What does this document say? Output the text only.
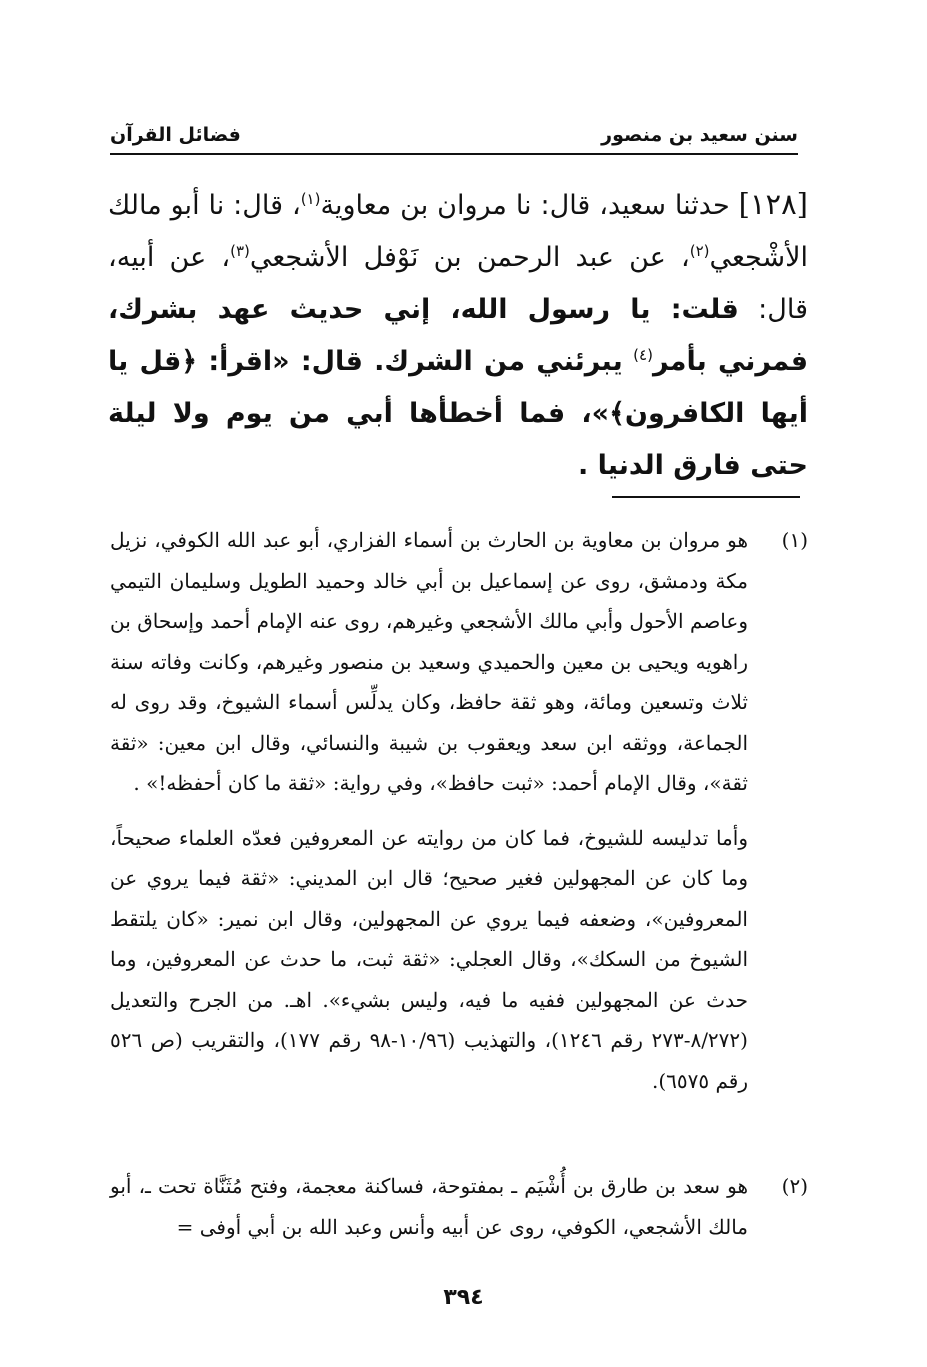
سنن سعيد بن منصور
فضائل القرآن
[١٢٨] حدثنا سعيد، قال: نا مروان بن معاوية$^{(١)}$، قال: نا أبو مالك الأشْجعي$^{(٢)}$، عن عبد الرحمن بن نَوْفل الأشجعي$^{(٣)}$، عن أبيه، قال: قلت: يا رسول الله، إني حديث عهد بشرك، فمرني بأمر$^{(٤)}$ يبرئني من الشرك. قال: «اقرأ: ﴿قل يا أيها الكافرون﴾»، فما أخطأها أبي من يوم ولا ليلة حتى فارق الدنيا .
(١)

هو مروان بن معاوية بن الحارث بن أسماء الفزاري، أبو عبد الله الكوفي، نزيل مكة ودمشق، روى عن إسماعيل بن أبي خالد وحميد الطويل وسليمان التيمي وعاصم الأحول وأبي مالك الأشجعي وغيرهم، روى عنه الإمام أحمد وإسحاق بن راهويه ويحيى بن معين والحميدي وسعيد بن منصور وغيرهم، وكانت وفاته سنة ثلاث وتسعين ومائة، وهو ثقة حافظ، وكان يدلِّس أسماء الشيوخ، وقد روى له الجماعة، ووثقه ابن سعد ويعقوب بن شيبة والنسائي، وقال ابن معين: «ثقة ثقة»، وقال الإمام أحمد: «ثبت حافظ»، وفي رواية: «ثقة ما كان أحفظه!» .

وأما تدليسه للشيوخ، فما كان من روايته عن المعروفين فعدّه العلماء صحيحاً، وما كان عن المجهولين فغير صحيح؛ قال ابن المديني: «ثقة فيما يروي عن المعروفين»، وضعفه فيما يروي عن المجهولين، وقال ابن نمير: «كان يلتقط الشيوخ من السكك»، وقال العجلي: «ثقة ثبت، ما حدث عن المعروفين، وما حدث عن المجهولين ففيه ما فيه، وليس بشيء». اهـ. من الجرح والتعديل (٨/٢٧٢-٢٧٣ رقم ١٢٤٦)، والتهذيب (١٠/٩٦-٩٨ رقم ١٧٧)، والتقريب (ص ٥٢٦ رقم ٦٥٧٥).

(٢)

هو سعد بن طارق بن أُشْيَم ـ بمفتوحة، فساكنة معجمة، وفتح مُثَنَّاة تحت ـ، أبو مالك الأشجعي، الكوفي، روى عن أبيه وأنس وعبد الله بن أبي أوفى =

٣٩٤
